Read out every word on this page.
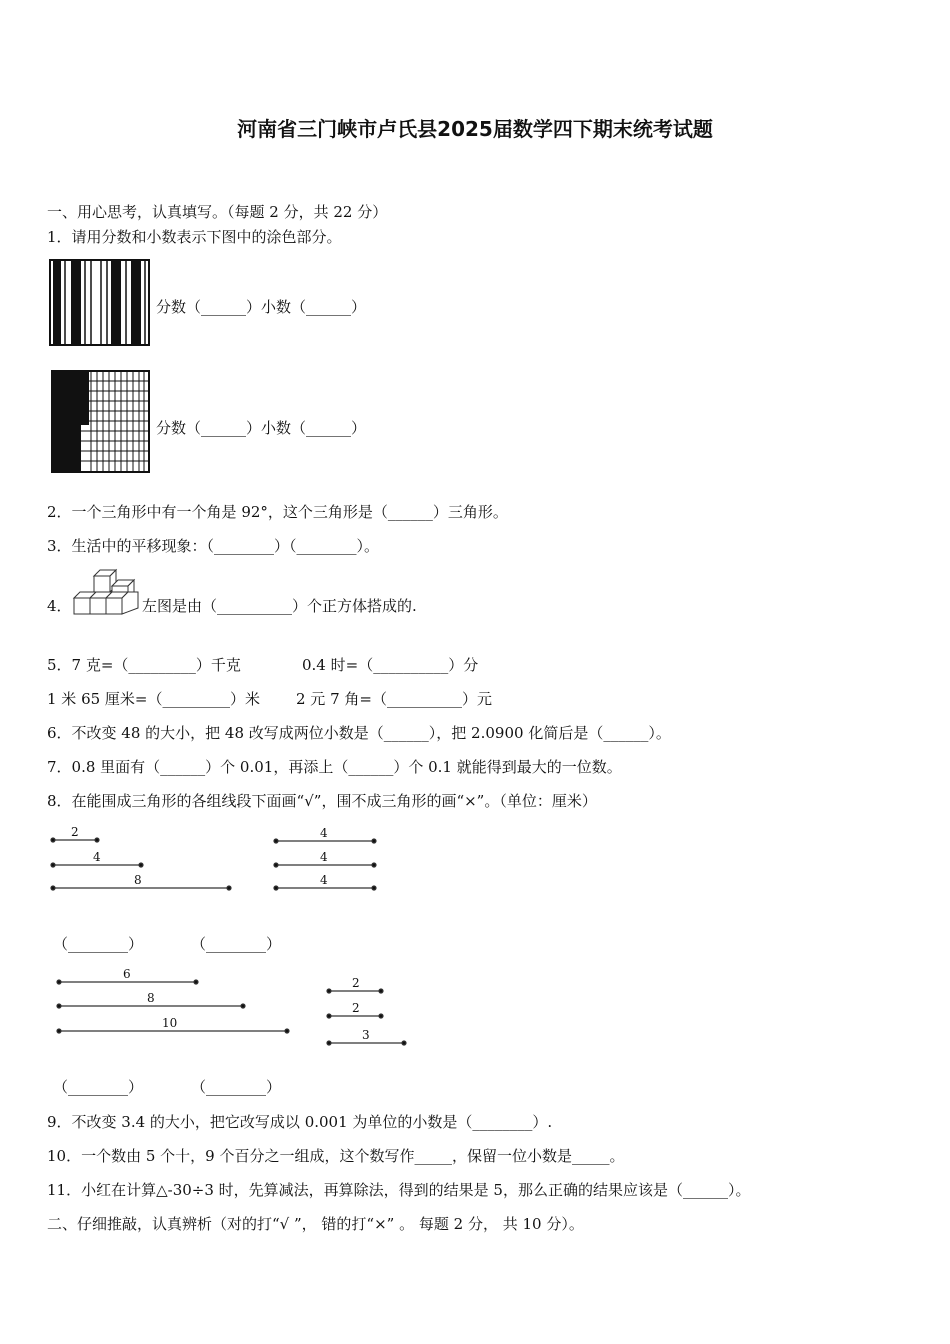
河南省三门峡市卢氏县2025届数学四下期末统考试题
一、用心思考，认真填写。（每题 2 分，共 22 分）
1．请用分数和小数表示下图中的涂色部分。
分数（______）小数（______）
分数（______）小数（______）
2．一个三角形中有一个角是 92°，这个三角形是（______）三角形。
3．生活中的平移现象：（________）（________）。
4．	左图是由（__________）个正方体搭成的.
5．7 克=（_________）千克	0.4 时=（__________）分
1 米 65 厘米=（_________）米 2 元 7 角=（__________）元
6．不改变 48 的大小，把 48 改写成两位小数是（______），把 2.0900 化简后是（______）。
7．0.8 里面有（______）个 0.01，再添上（______）个 0.1 就能得到最大的一位数。
8．在能围成三角形的各组线段下面画“√”，围不成三角形的画“×”。（单位：厘米）
2
4
8
4
4
4
6
8
10
2
2
3
（________）	（________）
（________）	（________）
9．不改变 3.4 的大小，把它改写成以 0.001 为单位的小数是（________）.
10．一个数由 5 个十，9 个百分之一组成，这个数写作_____，保留一位小数是_____。
11．小红在计算△-30÷3 时，先算减法，再算除法，得到的结果是 5，那么正确的结果应该是（______）。
二、仔细推敲，认真辨析（对的打“√ ”， 错的打“×” 。 每题 2 分， 共 10 分）。
